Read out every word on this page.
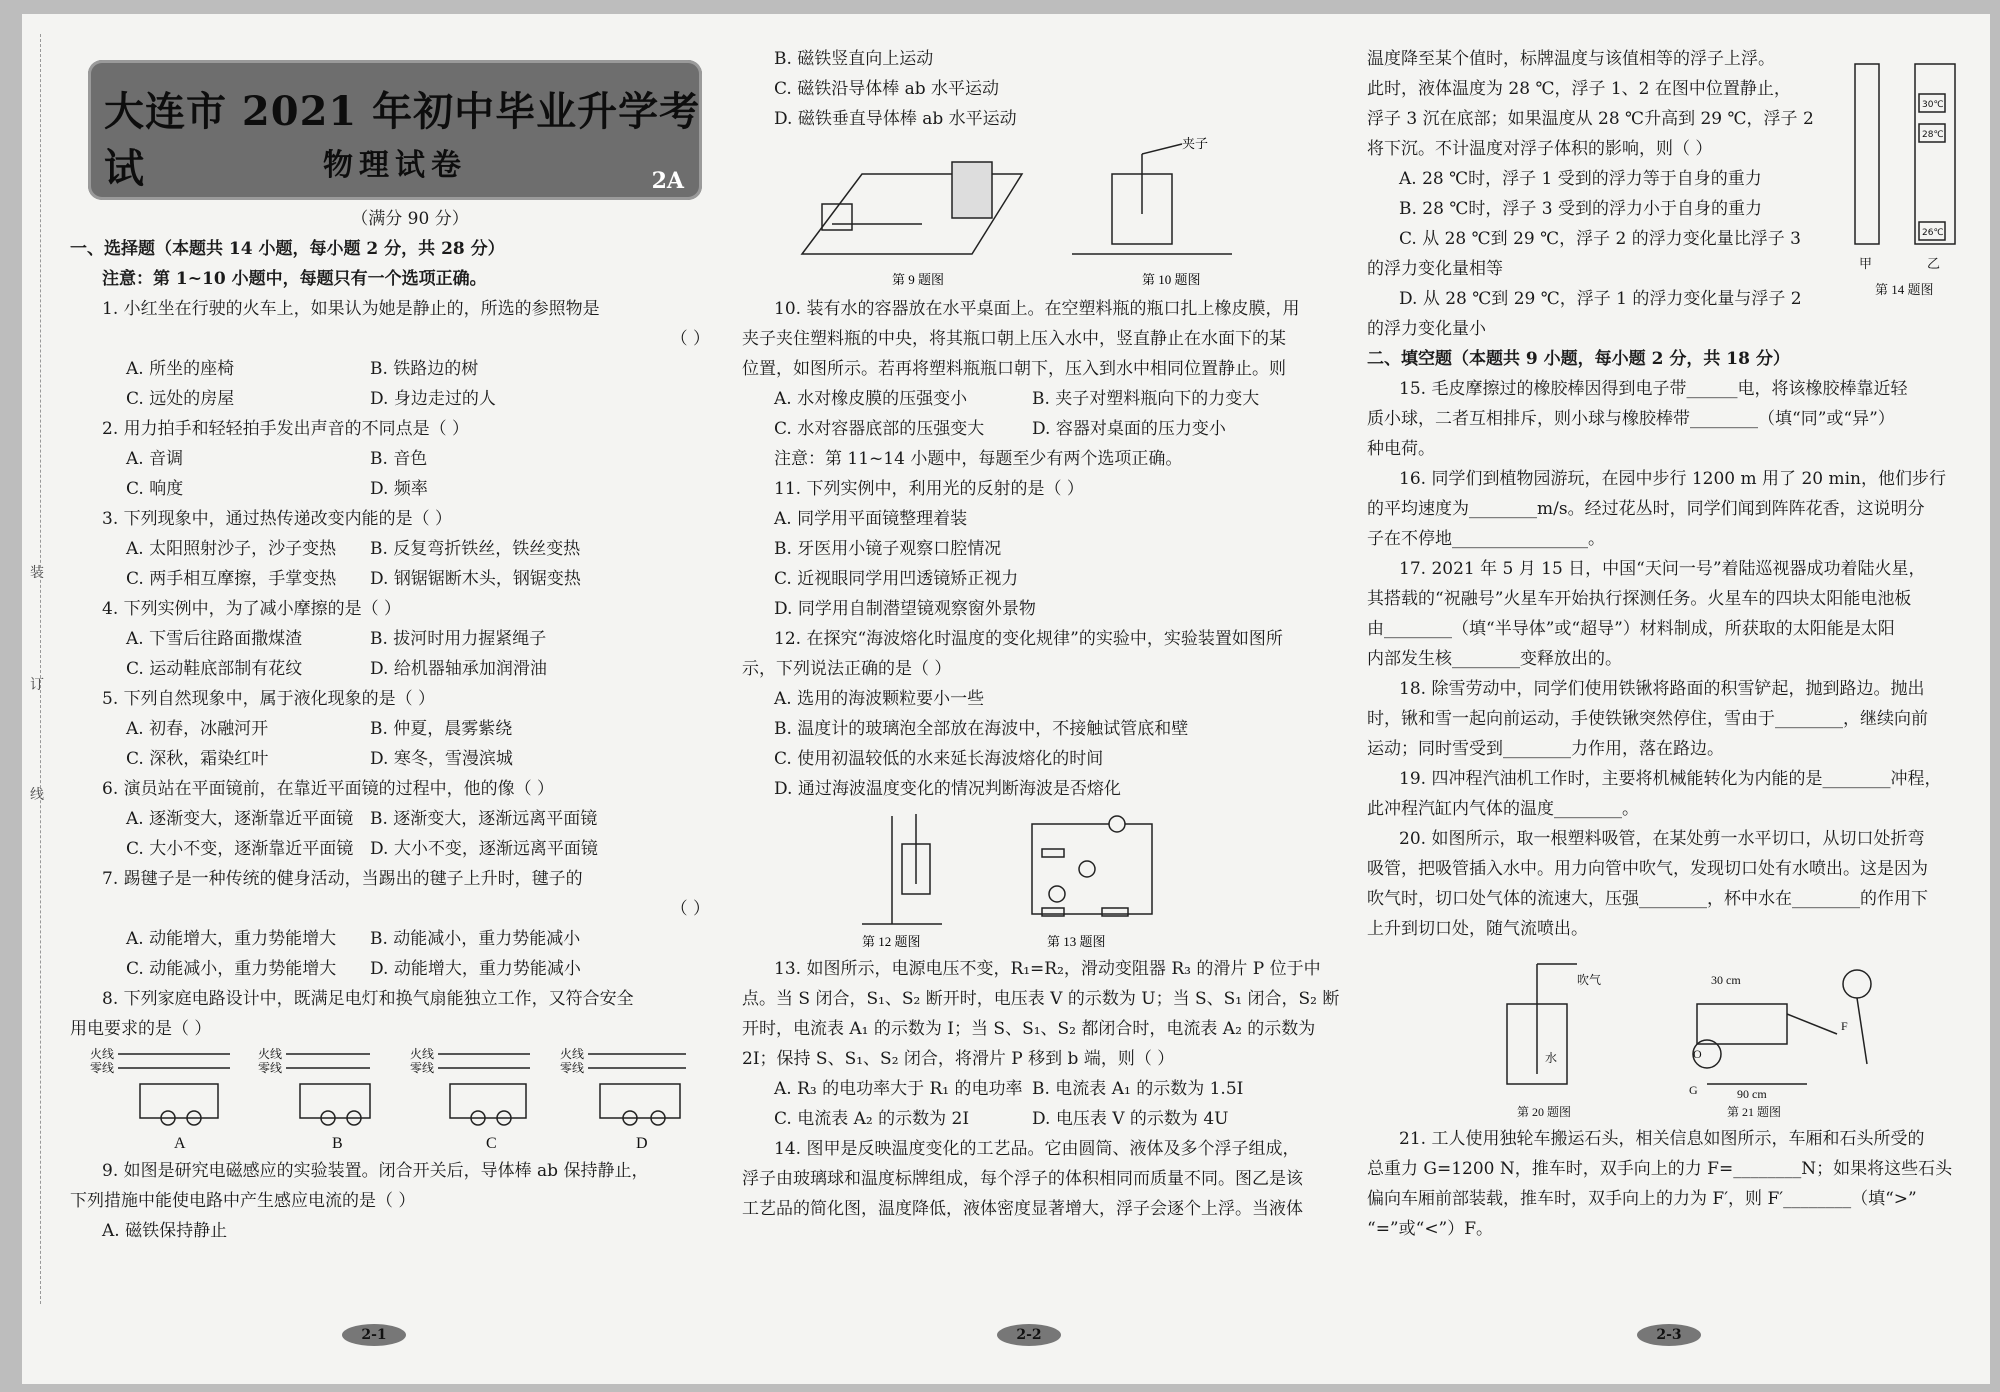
装
订
线
大连市 2021 年初中毕业升学考试	物理试卷	2A
（满分 90 分）
一、选择题（本题共 14 小题，每小题 2 分，共 28 分）
注意：第 1~10 小题中，每题只有一个选项正确。
1. 小红坐在行驶的火车上，如果认为她是静止的，所选的参照物是
（ ）
A. 所坐的座椅	B. 铁路边的树
C. 远处的房屋	D. 身边走过的人
2. 用力拍手和轻轻拍手发出声音的不同点是（ ）
A. 音调	B. 音色
C. 响度	D. 频率
3. 下列现象中，通过热传递改变内能的是（ ）
A. 太阳照射沙子，沙子变热	B. 反复弯折铁丝，铁丝变热
C. 两手相互摩擦，手掌变热	D. 钢锯锯断木头，钢锯变热
4. 下列实例中，为了减小摩擦的是（ ）
A. 下雪后往路面撒煤渣	B. 拔河时用力握紧绳子
C. 运动鞋底部制有花纹	D. 给机器轴承加润滑油
5. 下列自然现象中，属于液化现象的是（ ）
A. 初春，冰融河开	B. 仲夏，晨雾紫绕
C. 深秋，霜染红叶	D. 寒冬，雪漫滨城
6. 演员站在平面镜前，在靠近平面镜的过程中，他的像（ ）
A. 逐渐变大，逐渐靠近平面镜 B. 逐渐变大，逐渐远离平面镜
C. 大小不变，逐渐靠近平面镜 D. 大小不变，逐渐远离平面镜
7. 踢毽子是一种传统的健身活动，当踢出的毽子上升时，毽子的
（ ）
A. 动能增大，重力势能增大	B. 动能减小，重力势能减小
C. 动能减小，重力势能增大	D. 动能增大，重力势能减小
8. 下列家庭电路设计中，既满足电灯和换气扇能独立工作，又符合安全
用电要求的是（ ）
火线
零线
火线
零线
火线
零线
火线
零线
A	B	C	D
9. 如图是研究电磁感应的实验装置。闭合开关后，导体棒 ab 保持静止，
下列措施中能使电路中产生感应电流的是（ ）
A. 磁铁保持静止
B. 磁铁竖直向上运动
C. 磁铁沿导体棒 ab 水平运动
D. 磁铁垂直导体棒 ab 水平运动
夹子
第 9 题图	第 10 题图
10. 装有水的容器放在水平桌面上。在空塑料瓶的瓶口扎上橡皮膜，用
夹子夹住塑料瓶的中央，将其瓶口朝上压入水中，竖直静止在水面下的某
位置，如图所示。若再将塑料瓶瓶口朝下，压入到水中相同位置静止。则
A. 水对橡皮膜的压强变小	B. 夹子对塑料瓶向下的力变大
C. 水对容器底部的压强变大	D. 容器对桌面的压力变小
注意：第 11~14 小题中，每题至少有两个选项正确。
11. 下列实例中，利用光的反射的是（ ）
A. 同学用平面镜整理着装
B. 牙医用小镜子观察口腔情况
C. 近视眼同学用凹透镜矫正视力
D. 同学用自制潜望镜观察窗外景物
12. 在探究“海波熔化时温度的变化规律”的实验中，实验装置如图所
示，下列说法正确的是（ ）
A. 选用的海波颗粒要小一些
B. 温度计的玻璃泡全部放在海波中，不接触试管底和壁
C. 使用初温较低的水来延长海波熔化的时间
D. 通过海波温度变化的情况判断海波是否熔化
第 12 题图	第 13 题图
13. 如图所示，电源电压不变，R₁=R₂，滑动变阻器 R₃ 的滑片 P 位于中
点。当 S 闭合，S₁、S₂ 断开时，电压表 V 的示数为 U；当 S、S₁ 闭合，S₂ 断
开时，电流表 A₁ 的示数为 I；当 S、S₁、S₂ 都闭合时，电流表 A₂ 的示数为
2I；保持 S、S₁、S₂ 闭合，将滑片 P 移到 b 端，则（ ）
A. R₃ 的电功率大于 R₁ 的电功率 B. 电流表 A₁ 的示数为 1.5I
C. 电流表 A₂ 的示数为 2I	D. 电压表 V 的示数为 4U
14. 图甲是反映温度变化的工艺品。它由圆筒、液体及多个浮子组成，
浮子由玻璃球和温度标牌组成，每个浮子的体积相同而质量不同。图乙是该
工艺品的简化图，温度降低，液体密度显著增大，浮子会逐个上浮。当液体
温度降至某个值时，标牌温度与该值相等的浮子上浮。
此时，液体温度为 28 ℃，浮子 1、2 在图中位置静止，
浮子 3 沉在底部；如果温度从 28 ℃升高到 29 ℃，浮子 2
将下沉。不计温度对浮子体积的影响，则（ ）
A. 28 ℃时，浮子 1 受到的浮力等于自身的重力
B. 28 ℃时，浮子 3 受到的浮力小于自身的重力
C. 从 28 ℃到 29 ℃，浮子 2 的浮力变化量比浮子 3
的浮力变化量相等
D. 从 28 ℃到 29 ℃，浮子 1 的浮力变化量与浮子 2
的浮力变化量小
30℃
28℃
26℃
甲	乙
第 14 题图
二、填空题（本题共 9 小题，每小题 2 分，共 18 分）
15. 毛皮摩擦过的橡胶棒因得到电子带______电，将该橡胶棒靠近轻
质小球，二者互相排斥，则小球与橡胶棒带________（填“同”或“异”）
种电荷。
16. 同学们到植物园游玩，在园中步行 1200 m 用了 20 min，他们步行
的平均速度为________m/s。经过花丛时，同学们闻到阵阵花香，这说明分
子在不停地________________。
17. 2021 年 5 月 15 日，中国“天问一号”着陆巡视器成功着陆火星，
其搭载的“祝融号”火星车开始执行探测任务。火星车的四块太阳能电池板
由________（填“半导体”或“超导”）材料制成，所获取的太阳能是太阳
内部发生核________变释放出的。
18. 除雪劳动中，同学们使用铁锹将路面的积雪铲起，抛到路边。抛出
时，锹和雪一起向前运动，手使铁锹突然停住，雪由于________，继续向前
运动；同时雪受到________力作用，落在路边。
19. 四冲程汽油机工作时，主要将机械能转化为内能的是________冲程，
此冲程汽缸内气体的温度________。
20. 如图所示，取一根塑料吸管，在某处剪一水平切口，从切口处折弯
吸管，把吸管插入水中。用力向管中吹气，发现切口处有水喷出。这是因为
吹气时，切口处气体的流速大，压强________，杯中水在________的作用下
上升到切口处，随气流喷出。
吹气
水
30 cm
90 cm
F
G
O
第 20 题图	第 21 题图
21. 工人使用独轮车搬运石头，相关信息如图所示，车厢和石头所受的
总重力 G=1200 N，推车时，双手向上的力 F=________N；如果将这些石头
偏向车厢前部装载，推车时，双手向上的力为 F′，则 F′________（填“>”
“=”或“<”）F。
2-1	2-2	2-3
